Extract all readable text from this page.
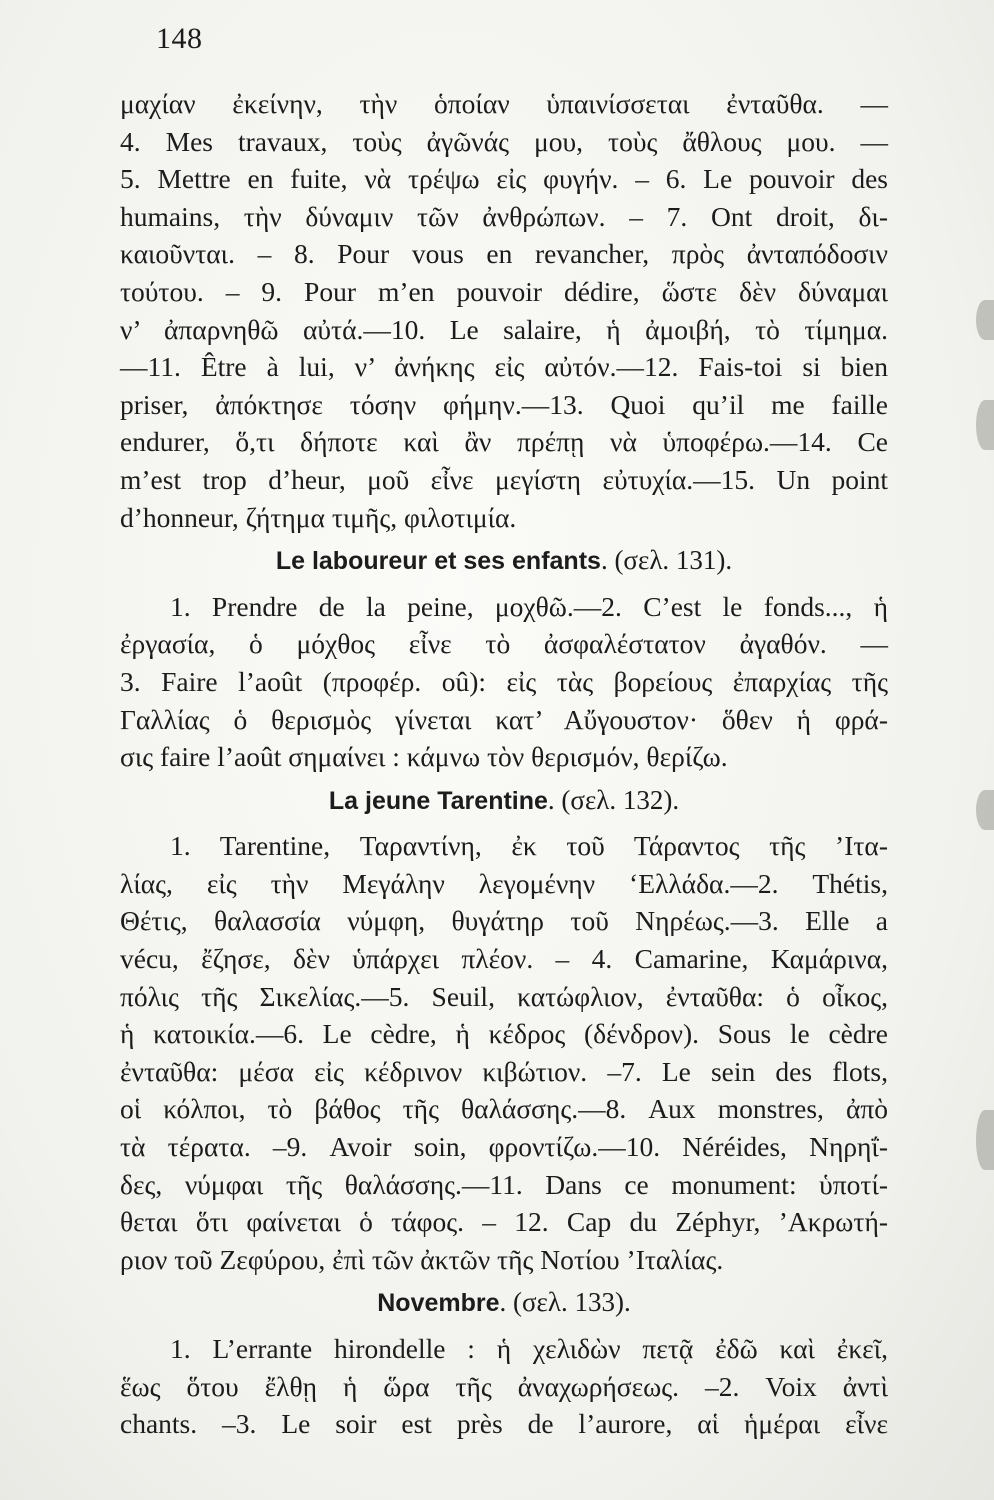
148
μαχίαν ἐκείνην, τὴν ὁποίαν ὑπαινίσσεται ἐνταῦθα. —
4. Mes travaux, τοὺς ἀγῶνάς μου, τοὺς ἄθλους μου. —
5. Mettre en fuite, νὰ τρέψω εἰς φυγήν. – 6. Le pouvoir des
humains, τὴν δύναμιν τῶν ἀνθρώπων. – 7. Ont droit, δι-
καιοῦνται. – 8. Pour vous en revancher, πρὸς ἀνταπόδοσιν
τούτου. – 9. Pour m’en pouvoir dédire, ὥστε δὲν δύναμαι
ν’ ἀπαρνηθῶ αὐτά.—10. Le salaire, ἡ ἀμοιβή, τὸ τίμημα.
—11. Être à lui, ν’ ἀνήκης εἰς αὐτόν.—12. Fais-toi si bien
priser, ἀπόκτησε τόσην φήμην.—13. Quoi qu’il me faille
endurer, ὅ,τι δήποτε καὶ ἂν πρέπῃ νὰ ὑποφέρω.—14. Ce
m’est trop d’heur, μοῦ εἶνε μεγίστη εὐτυχία.—15. Un point
d’honneur, ζήτημα τιμῆς, φιλοτιμία.
Le laboureur et ses enfants. (σελ. 131).
1. Prendre de la peine, μοχθῶ.—2. C’est le fonds..., ἡ
ἐργασία, ὁ μόχθος εἶνε τὸ ἀσφαλέστατον ἀγαθόν. —
3. Faire l’août (προφέρ. oû): εἰς τὰς βορείους ἐπαρχίας τῆς
Γαλλίας ὁ θερισμὸς γίνεται κατ’ Αὔγουστον· ὅθεν ἡ φρά-
σις faire l’août σημαίνει : κάμνω τὸν θερισμόν, θερίζω.
La jeune Tarentine. (σελ. 132).
1. Tarentine, Ταραντίνη, ἐκ τοῦ Τάραντος τῆς ’Ιτα-
λίας, εἰς τὴν Μεγάλην λεγομένην ‘Ελλάδα.—2. Thétis,
Θέτις, θαλασσία νύμφη, θυγάτηρ τοῦ Νηρέως.—3. Elle a
vécu, ἔζησε, δὲν ὑπάρχει πλέον. – 4. Camarine, Καμάρινα,
πόλις τῆς Σικελίας.—5. Seuil, κατώφλιον, ἐνταῦθα: ὁ οἶκος,
ἡ κατοικία.—6. Le cèdre, ἡ κέδρος (δένδρον). Sous le cèdre
ἐνταῦθα: μέσα εἰς κέδρινον κιβώτιον. –7. Le sein des flots,
οἱ κόλποι, τὸ βάθος τῆς θαλάσσης.—8. Aux monstres, ἀπὸ
τὰ τέρατα. –9. Avoir soin, φροντίζω.—10. Néréides, Νηρηΐ-
δες, νύμφαι τῆς θαλάσσης.—11. Dans ce monument: ὑποτί-
θεται ὅτι φαίνεται ὁ τάφος. – 12. Cap du Zéphyr, ’Ακρωτή-
ριον τοῦ Ζεφύρου, ἐπὶ τῶν ἀκτῶν τῆς Νοτίου ’Ιταλίας.
Novembre. (σελ. 133).
1. L’errante hirondelle : ἡ χελιδὼν πετᾷ ἐδῶ καὶ ἐκεῖ,
ἕως ὅτου ἔλθῃ ἡ ὥρα τῆς ἀναχωρήσεως. –2. Voix ἀντὶ
chants. –3. Le soir est près de l’aurore, αἱ ἡμέραι εἶνε
